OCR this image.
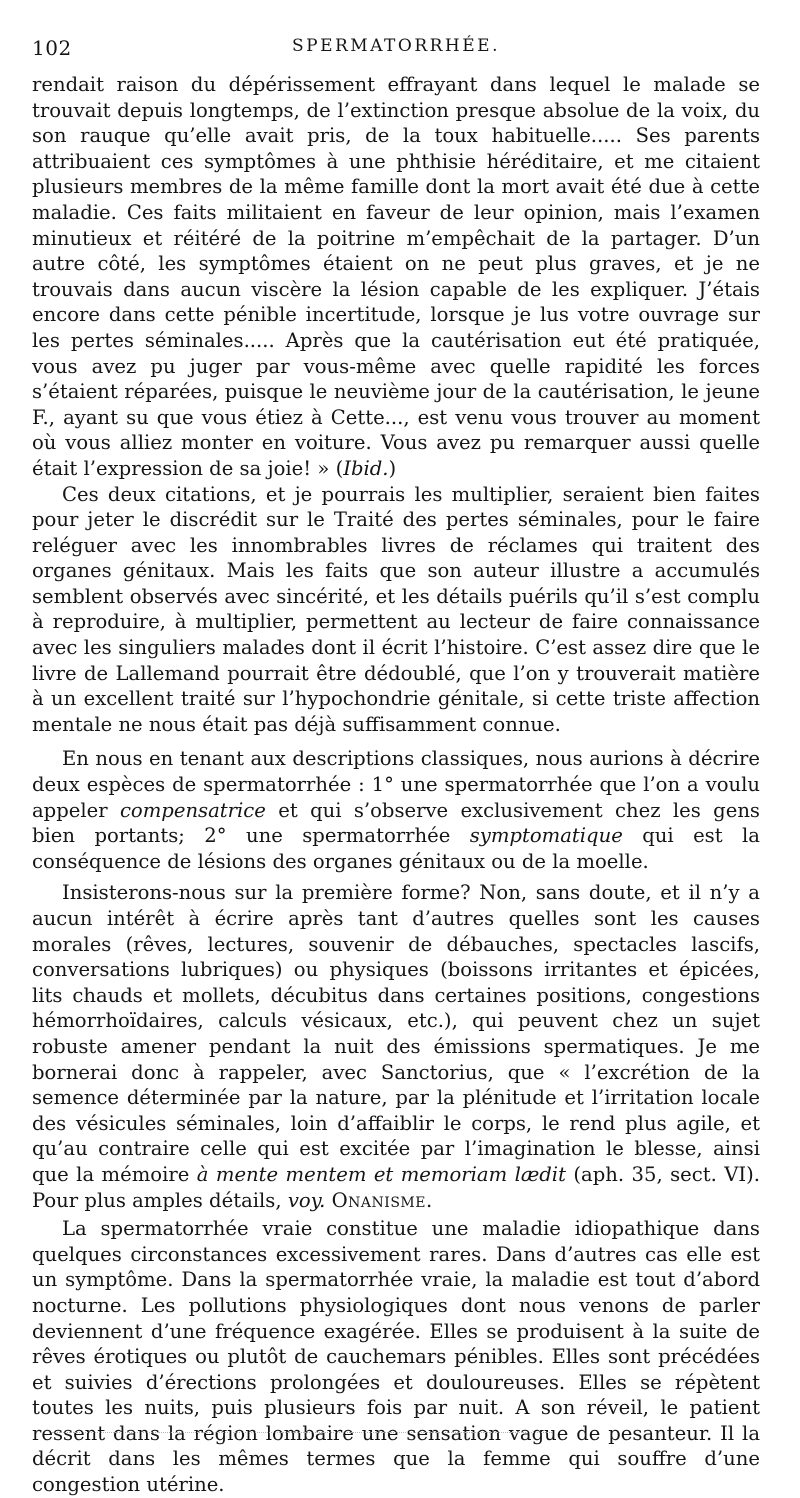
102	SPERMATORRHÉE.

rendait raison du dépérissement effrayant dans lequel le malade se trouvait depuis longtemps, de l’extinction presque absolue de la voix, du son rauque qu’elle avait pris, de la toux habituelle..... Ses parents attribuaient ces symptômes à une phthisie héréditaire, et me citaient plusieurs membres de la même famille dont la mort avait été due à cette maladie. Ces faits militaient en faveur de leur opinion, mais l’examen minutieux et réitéré de la poitrine m’empêchait de la partager. D’un autre côté, les symptômes étaient on ne peut plus graves, et je ne trouvais dans aucun viscère la lésion capable de les expliquer. J’étais encore dans cette pénible incertitude, lorsque je lus votre ouvrage sur les pertes séminales..... Après que la cautérisation eut été pratiquée, vous avez pu juger par vous-même avec quelle rapidité les forces s’étaient réparées, puisque le neuvième jour de la cautérisation, le jeune F., ayant su que vous étiez à Cette..., est venu vous trouver au moment où vous alliez monter en voiture. Vous avez pu remarquer aussi quelle était l’expression de sa joie! » (Ibid.)

Ces deux citations, et je pourrais les multiplier, seraient bien faites pour jeter le discrédit sur le Traité des pertes séminales, pour le faire reléguer avec les innombrables livres de réclames qui traitent des organes génitaux. Mais les faits que son auteur illustre a accumulés semblent observés avec sincérité, et les détails puérils qu’il s’est complu à reproduire, à multiplier, permettent au lecteur de faire connaissance avec les singuliers malades dont il écrit l’histoire. C’est assez dire que le livre de Lallemand pourrait être dédoublé, que l’on y trouverait matière à un excellent traité sur l’hypochondrie génitale, si cette triste affection mentale ne nous était pas déjà suffisamment connue.

En nous en tenant aux descriptions classiques, nous aurions à décrire deux espèces de spermatorrhée : 1° une spermatorrhée que l’on a voulu appeler compensatrice et qui s’observe exclusivement chez les gens bien portants; 2° une spermatorrhée symptomatique qui est la conséquence de lésions des organes génitaux ou de la moelle.

Insisterons-nous sur la première forme? Non, sans doute, et il n’y a aucun intérêt à écrire après tant d’autres quelles sont les causes morales (rêves, lectures, souvenir de débauches, spectacles lascifs, conversations lubriques) ou physiques (boissons irritantes et épicées, lits chauds et mollets, décubitus dans certaines positions, congestions hémorrhoïdaires, calculs vésicaux, etc.), qui peuvent chez un sujet robuste amener pendant la nuit des émissions spermatiques. Je me bornerai donc à rappeler, avec Sanctorius, que « l’excrétion de la semence déterminée par la nature, par la plénitude et l’irritation locale des vésicules séminales, loin d’affaiblir le corps, le rend plus agile, et qu’au contraire celle qui est excitée par l’imagination le blesse, ainsi que la mémoire à mente mentem et memoriam lædit (aph. 35, sect. VI). Pour plus amples détails, voy. Onanisme.

La spermatorrhée vraie constitue une maladie idiopathique dans quelques circonstances excessivement rares. Dans d’autres cas elle est un symptôme. Dans la spermatorrhée vraie, la maladie est tout d’abord nocturne. Les pollutions physiologiques dont nous venons de parler deviennent d’une fréquence exagérée. Elles se produisent à la suite de rêves érotiques ou plutôt de cauchemars pénibles. Elles sont précédées et suivies d’érections prolongées et douloureuses. Elles se répètent toutes les nuits, puis plusieurs fois par nuit. A son réveil, le patient ressent dans la région lombaire une sensation vague de pesanteur. Il la décrit dans les mêmes termes que la femme qui souffre d’une congestion utérine.
